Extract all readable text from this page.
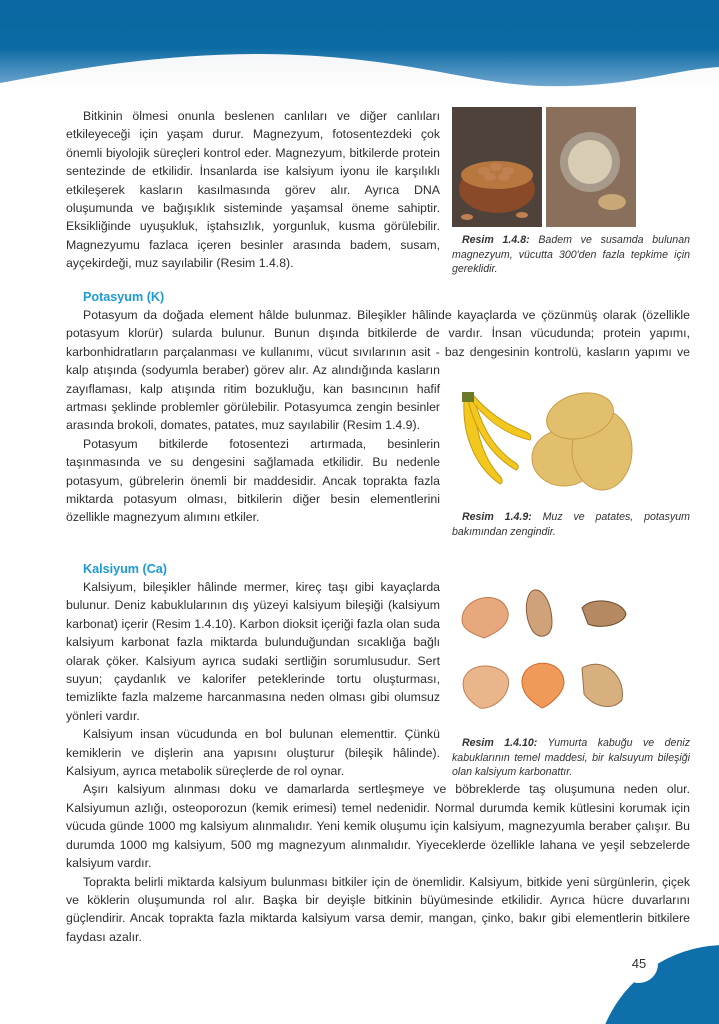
Resim 1.4.8: Badem ve susamda bulunan magnezyum, vücutta 300'den fazla tepkime için gereklidir.

Bitkinin ölmesi onunla beslenen canlıları ve diğer canlıları etkileyeceği için yaşam durur. Magnezyum, fotosentezdeki çok önemli biyolojik süreçleri kontrol eder. Magnezyum, bitkilerde protein sentezinde de etkilidir. İnsanlarda ise kalsiyum iyonu ile karşılıklı etkileşerek kasların kasılmasında görev alır. Ayrıca DNA oluşumunda ve bağışıklık sisteminde yaşamsal öneme sahiptir. Eksikliğinde uyuşukluk, iştahsızlık, yorgunluk, kusma görülebilir. Magnezyumu fazlaca içeren besinler arasında badem, susam, ayçekirdeği, muz sayılabilir (Resim 1.4.8).

Potasyum (K)
Resim 1.4.9: Muz ve patates, potasyum bakımından zengindir.

Potasyum da doğada element hâlde bulunmaz. Bileşikler hâlinde kayaçlarda ve çözünmüş olarak (özellikle potasyum klorür) sularda bulunur. Bunun dışında bitkilerde de vardır. İnsan vücudunda; protein yapımı, karbonhidratların parçalanması ve kullanımı, vücut sıvılarının asit - baz dengesinin kontrolü, kasların yapımı ve kalp atışında (sodyumla beraber) görev alır. Az alındığında kasların zayıflaması, kalp atışında ritim bozukluğu, kan basıncının hafif artması şeklinde problemler görülebilir. Potasyumca zengin besinler arasında brokoli, domates, patates, muz sayılabilir (Resim 1.4.9).

Potasyum bitkilerde fotosentezi artırmada, besinlerin taşınmasında ve su dengesini sağlamada etkilidir. Bu nedenle potasyum, gübrelerin önemli bir maddesidir. Ancak toprakta fazla miktarda potasyum olması, bitkilerin diğer besin elementlerini özellikle magnezyum alımını etkiler.

Kalsiyum (Ca)
Resim 1.4.10: Yumurta kabuğu ve deniz kabuklarının temel maddesi, bir kalsuyum bileşiği olan kalsiyum karbonattır.

Kalsiyum, bileşikler hâlinde mermer, kireç taşı gibi kayaçlarda bulunur. Deniz kabuklularının dış yüzeyi kalsiyum bileşiği (kalsiyum karbonat) içerir (Resim 1.4.10). Karbon dioksit içeriği fazla olan suda kalsiyum karbonat fazla miktarda bulunduğundan sıcaklığa bağlı olarak çöker. Kalsiyum ayrıca sudaki sertliğin sorumlusudur. Sert suyun; çaydanlık ve kalorifer peteklerinde tortu oluşturması, temizlikte fazla malzeme harcanmasına neden olması gibi olumsuz yönleri vardır.

Kalsiyum insan vücudunda en bol bulunan elementtir. Çünkü kemiklerin ve dişlerin ana yapısını oluşturur (bileşik hâlinde). Kalsiyum, ayrıca metabolik süreçlerde de rol oynar.

Aşırı kalsiyum alınması doku ve damarlarda sertleşmeye ve böbreklerde taş oluşumuna neden olur. Kalsiyumun azlığı, osteoporozun (kemik erimesi) temel nedenidir. Normal durumda kemik kütlesini korumak için vücuda günde 1000 mg kalsiyum alınmalıdır. Yeni kemik oluşumu için kalsiyum, magnezyumla beraber çalışır. Bu durumda 1000 mg kalsiyum, 500 mg magnezyum alınmalıdır. Yiyeceklerde özellikle lahana ve yeşil sebzelerde kalsiyum vardır.

Toprakta belirli miktarda kalsiyum bulunması bitkiler için de önemlidir. Kalsiyum, bitkide yeni sürgünlerin, çiçek ve köklerin oluşumunda rol alır. Başka bir deyişle bitkinin büyümesinde etkilidir. Ayrıca hücre duvarlarını güçlendirir. Ancak toprakta fazla miktarda kalsiyum varsa demir, mangan, çinko, bakır gibi elementlerin bitkilere faydası azalır.

45
